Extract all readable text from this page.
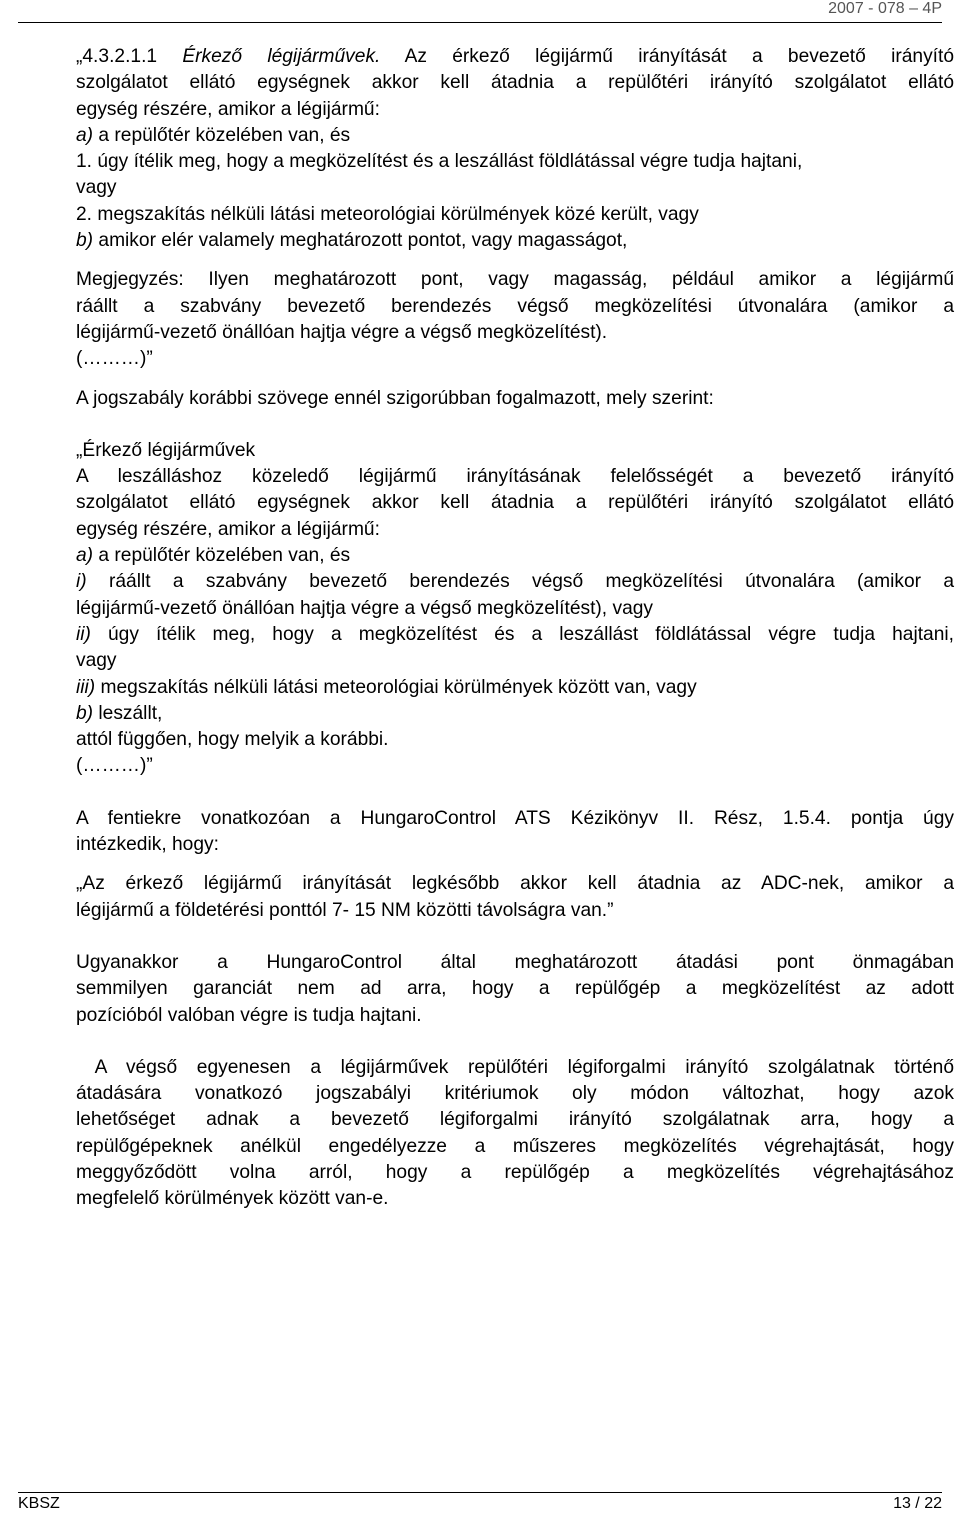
2007 - 078 – 4P

„4.3.2.1.1 Érkező légijárművek. Az érkező légijármű irányítását a bevezető irányító

szolgálatot ellátó egységnek akkor kell átadnia a repülőtéri irányító szolgálatot ellátó

egység részére, amikor a légijármű:

a) a repülőtér közelében van, és

1. úgy ítélik meg, hogy a megközelítést és a leszállást földlátással végre tudja hajtani,

vagy

2. megszakítás nélküli látási meteorológiai körülmények közé került, vagy

b) amikor elér valamely meghatározott pontot, vagy magasságot,

Megjegyzés: Ilyen meghatározott pont, vagy magasság, például amikor a légijármű

ráállt a szabvány bevezető berendezés végső megközelítési útvonalára (amikor a

légijármű-vezető önállóan hajtja végre a végső megközelítést).

(………)”

A jogszabály korábbi szövege ennél szigorúbban fogalmazott, mely szerint:

„Érkező légijárművek

A leszálláshoz közeledő légijármű irányításának felelősségét a bevezető irányító

szolgálatot ellátó egységnek akkor kell átadnia a repülőtéri irányító szolgálatot ellátó

egység részére, amikor a légijármű:

a) a repülőtér közelében van, és

i) ráállt a szabvány bevezető berendezés végső megközelítési útvonalára (amikor a

légijármű-vezető önállóan hajtja végre a végső megközelítést), vagy

ii) úgy ítélik meg, hogy a megközelítést és a leszállást földlátással végre tudja hajtani,

vagy

iii) megszakítás nélküli látási meteorológiai körülmények között van, vagy

b) leszállt,

attól függően, hogy melyik a korábbi.

(………)”

A fentiekre vonatkozóan a HungaroControl ATS Kézikönyv II. Rész, 1.5.4. pontja úgy

intézkedik, hogy:

„Az érkező légijármű irányítását legkésőbb akkor kell átadnia az ADC-nek, amikor a

légijármű a földetérési ponttól 7- 15 NM közötti távolságra van.”

Ugyanakkor a HungaroControl által meghatározott átadási pont önmagában

semmilyen garanciát nem ad arra, hogy a repülőgép a megközelítést az adott

pozícióból valóban végre is tudja hajtani.

A végső egyenesen a légijárművek repülőtéri légiforgalmi irányító szolgálatnak történő

átadására vonatkozó jogszabályi kritériumok oly módon változhat, hogy azok

lehetőséget adnak a bevezető légiforgalmi irányító szolgálatnak arra, hogy a

repülőgépeknek anélkül engedélyezze a műszeres megközelítés végrehajtását, hogy

meggyőződött volna arról, hogy a repülőgép a megközelítés végrehajtásához

megfelelő körülmények között van-e.

KBSZ	13 / 22
